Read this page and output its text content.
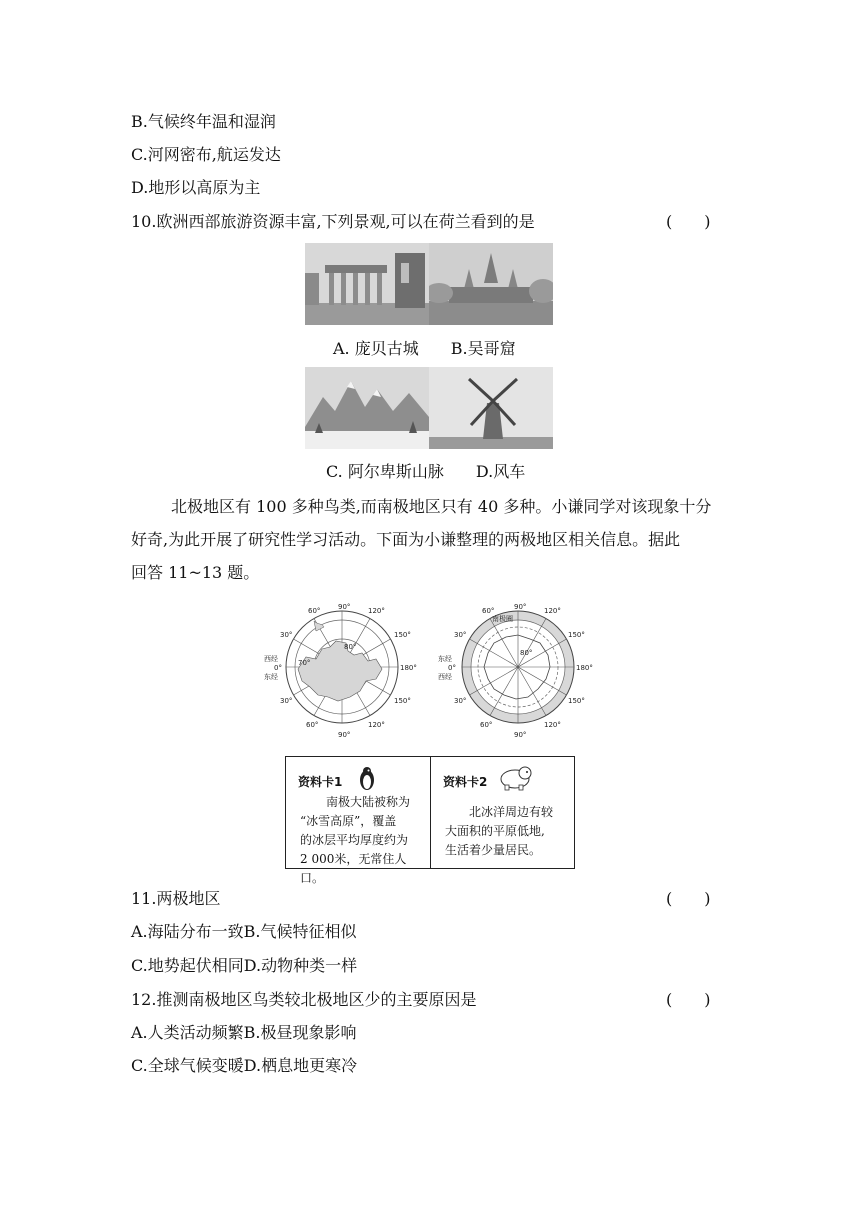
B.气候终年温和湿润
C.河网密布,航运发达
D.地形以高原为主
10.欧洲西部旅游资源丰富,下列景观,可以在荷兰看到的是	(　　)
A. 庞贝古城　　B.吴哥窟
C. 阿尔卑斯山脉　　D.风车
北极地区有 100 多种鸟类,而南极地区只有 40 多种。小谦同学对该现象十分
好奇,为此开展了研究性学习活动。下面为小谦整理的两极地区相关信息。据此
回答 11~13 题。
90°	120°
60°
150°
30°
西经
0°
东经
180°
30°	150°
60°	120°
90°
80°
70°
90°	120°
60°
150°
30°
东经
0°
西经
180°
30°	150°
60°	120°
90°
南极圈
80°
资料卡1
南极大陆被称为
“冰雪高原”，覆盖
的冰层平均厚度约为
2 000米，无常住人口。
资料卡2
北冰洋周边有较
大面积的平原低地,
生活着少量居民。
11.两极地区	(　　)
A.海陆分布一致B.气候特征相似
C.地势起伏相同D.动物种类一样
12.推测南极地区鸟类较北极地区少的主要原因是	(　　)
A.人类活动频繁B.极昼现象影响
C.全球气候变暖D.栖息地更寒冷
